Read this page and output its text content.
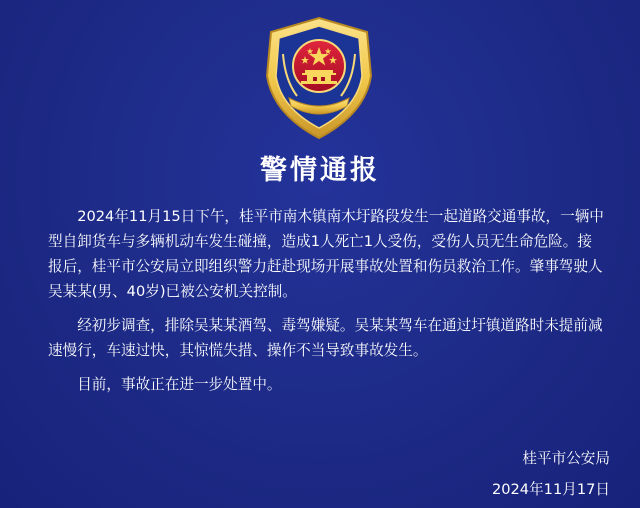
警情通报

2024年11月15日下午，桂平市南木镇南木圩路段发生一起道路交通事故，一辆中型自卸货车与多辆机动车发生碰撞，造成1人死亡1人受伤，受伤人员无生命危险。接报后，桂平市公安局立即组织警力赶赴现场开展事故处置和伤员救治工作。肇事驾驶人吴某某(男、40岁)已被公安机关控制。

经初步调查，排除吴某某酒驾、毒驾嫌疑。吴某某驾车在通过圩镇道路时未提前减速慢行，车速过快，其惊慌失措、操作不当导致事故发生。

目前，事故正在进一步处置中。

桂平市公安局
2024年11月17日
